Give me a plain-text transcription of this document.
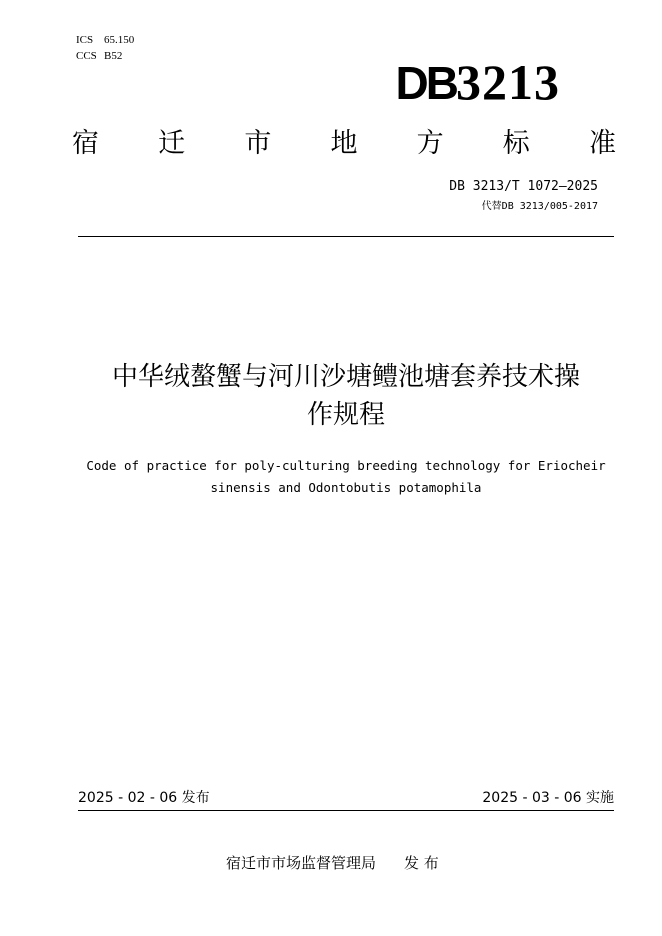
ICS 65.150
CCS B52
DB3213
宿 迁 市 地 方 标 准
DB 3213/T 1072—2025
代替DB 3213/005-2017
中华绒螯蟹与河川沙塘鳢池塘套养技术操
作规程
Code of practice for poly-culturing breeding technology for Eriocheir
sinensis and Odontobutis potamophila
2025 - 02 - 06 发布	2025 - 03 - 06 实施
宿迁市市场监督管理局 发 布
